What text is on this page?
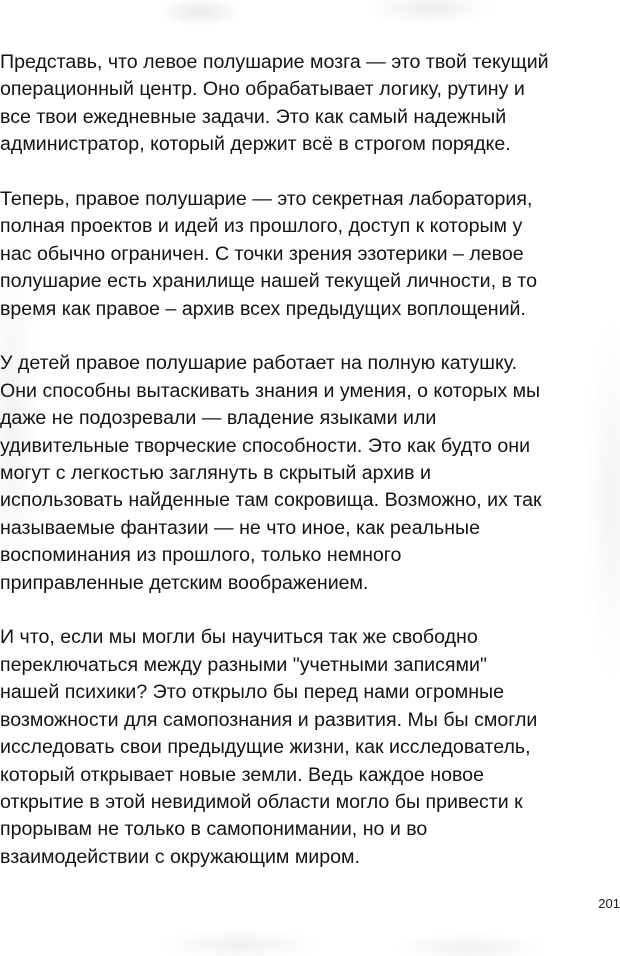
Представь, что левое полушарие мозга — это твой текущий
операционный центр. Оно обрабатывает логику, рутину и
все твои ежедневные задачи. Это как самый надежный
администратор, который держит всё в строгом порядке.

Теперь, правое полушарие — это секретная лаборатория,
полная проектов и идей из прошлого, доступ к которым у
нас обычно ограничен. С точки зрения эзотерики – левое
полушарие есть хранилище нашей текущей личности, в то
время как правое – архив всех предыдущих воплощений.

У детей правое полушарие работает на полную катушку.
Они способны вытаскивать знания и умения, о которых мы
даже не подозревали — владение языками или
удивительные творческие способности. Это как будто они
могут с легкостью заглянуть в скрытый архив и
использовать найденные там сокровища. Возможно, их так
называемые фантазии — не что иное, как реальные
воспоминания из прошлого, только немного
приправленные детским воображением.

И что, если мы могли бы научиться так же свободно
переключаться между разными "учетными записями"
нашей психики? Это открыло бы перед нами огромные
возможности для самопознания и развития. Мы бы смогли
исследовать свои предыдущие жизни, как исследователь,
который открывает новые земли. Ведь каждое новое
открытие в этой невидимой области могло бы привести к
прорывам не только в самопонимании, но и во
взаимодействии с окружающим миром.

201
